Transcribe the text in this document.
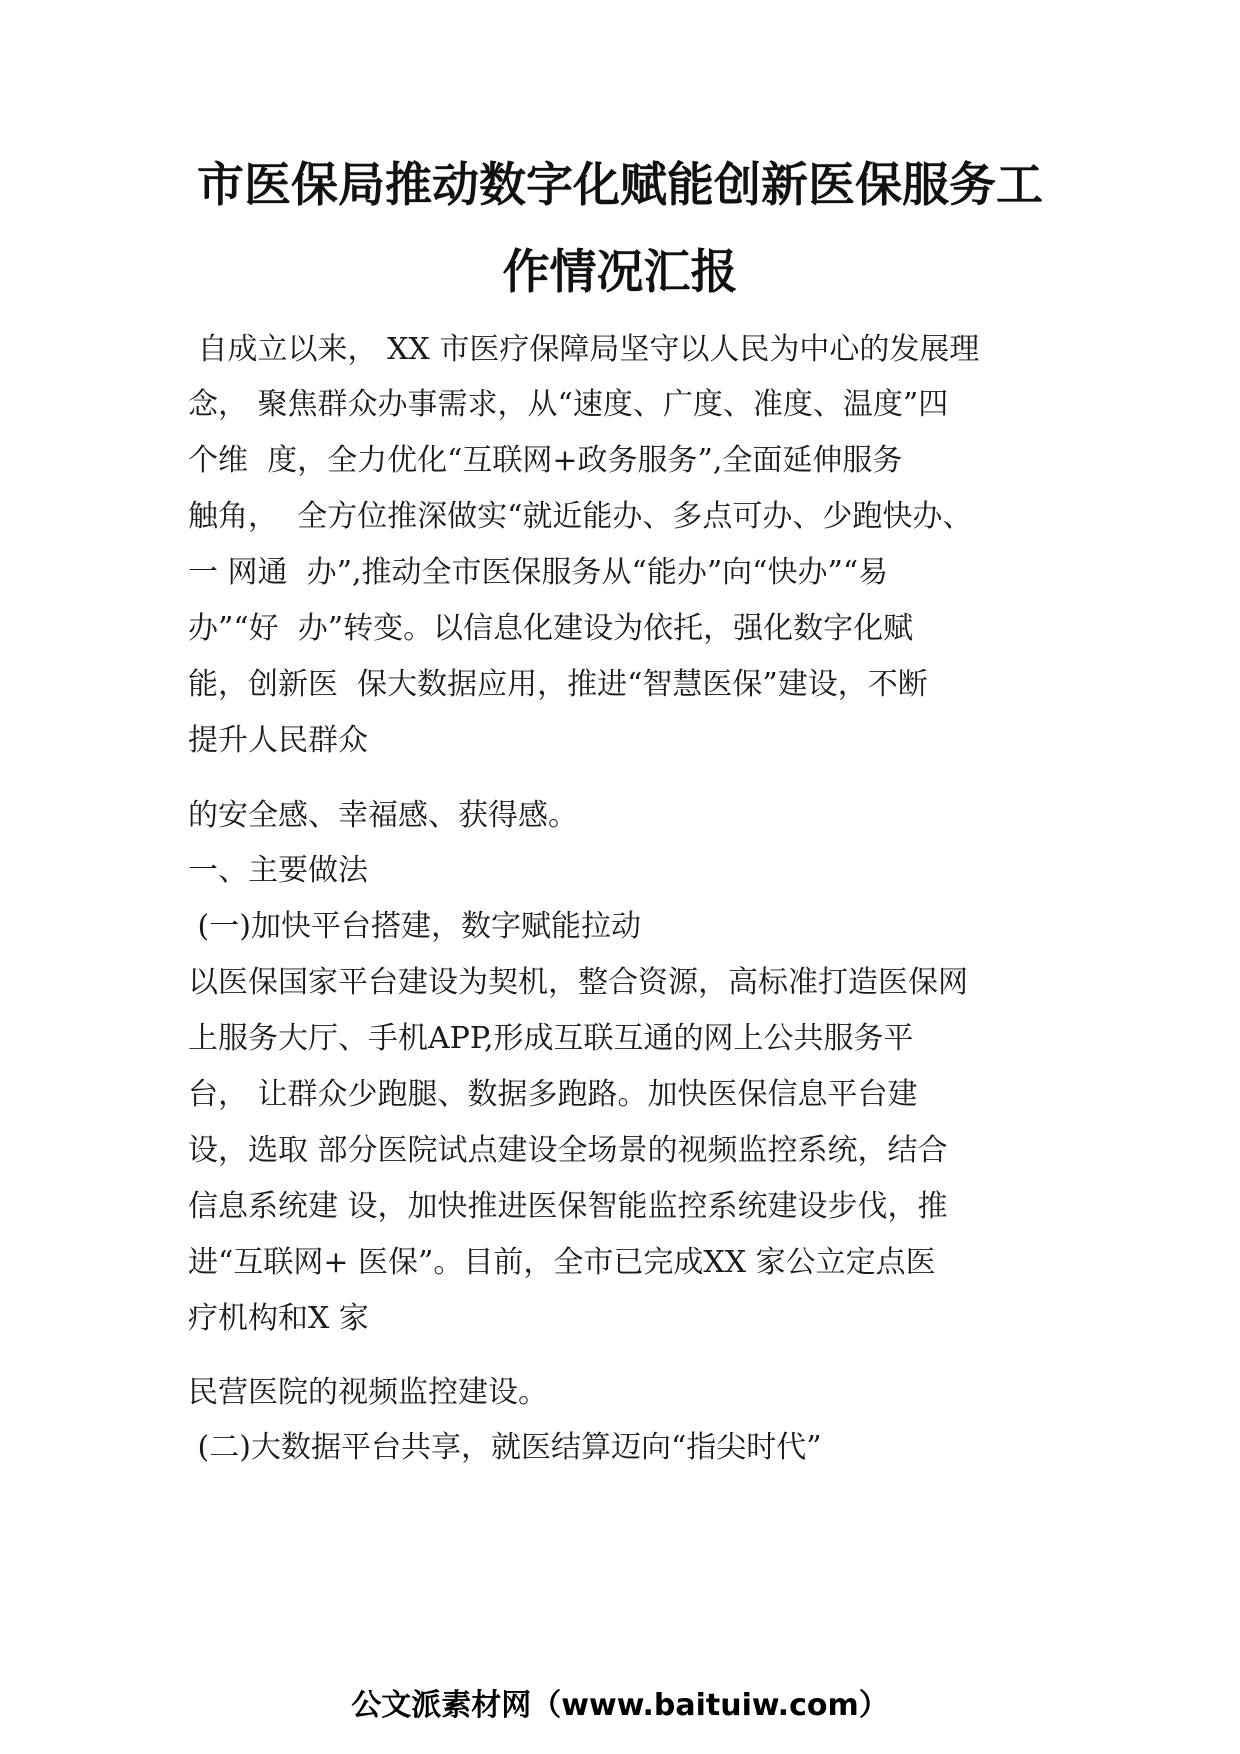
市医保局推动数字化赋能创新医保服务工
作情况汇报
自成立以来， XX 市医疗保障局坚守以人民为中心的发展理
念， 聚焦群众办事需求，从“速度、广度、准度、温度”四
个维  度，全力优化“互联网+政务服务”,全面延伸服务
触角，  全方位推深做实“就近能办、多点可办、少跑快办、
一 网通  办”,推动全市医保服务从“能办”向“快办”“易
办”“好  办”转变。以信息化建设为依托，强化数字化赋
能，创新医  保大数据应用，推进“智慧医保”建设，不断
提升人民群众
的安全感、幸福感、获得感。
一、主要做法
(一)加快平台搭建，数字赋能拉动
以医保国家平台建设为契机，整合资源，高标准打造医保网
上服务大厅、手机APP,形成互联互通的网上公共服务平
台， 让群众少跑腿、数据多跑路。加快医保信息平台建
设，选取 部分医院试点建设全场景的视频监控系统，结合
信息系统建 设，加快推进医保智能监控系统建设步伐，推
进“互联网+ 医保”。目前，全市已完成XX 家公立定点医
疗机构和X 家
民营医院的视频监控建设。
(二)大数据平台共享，就医结算迈向“指尖时代”
公文派素材网（www.baituiw.com）
